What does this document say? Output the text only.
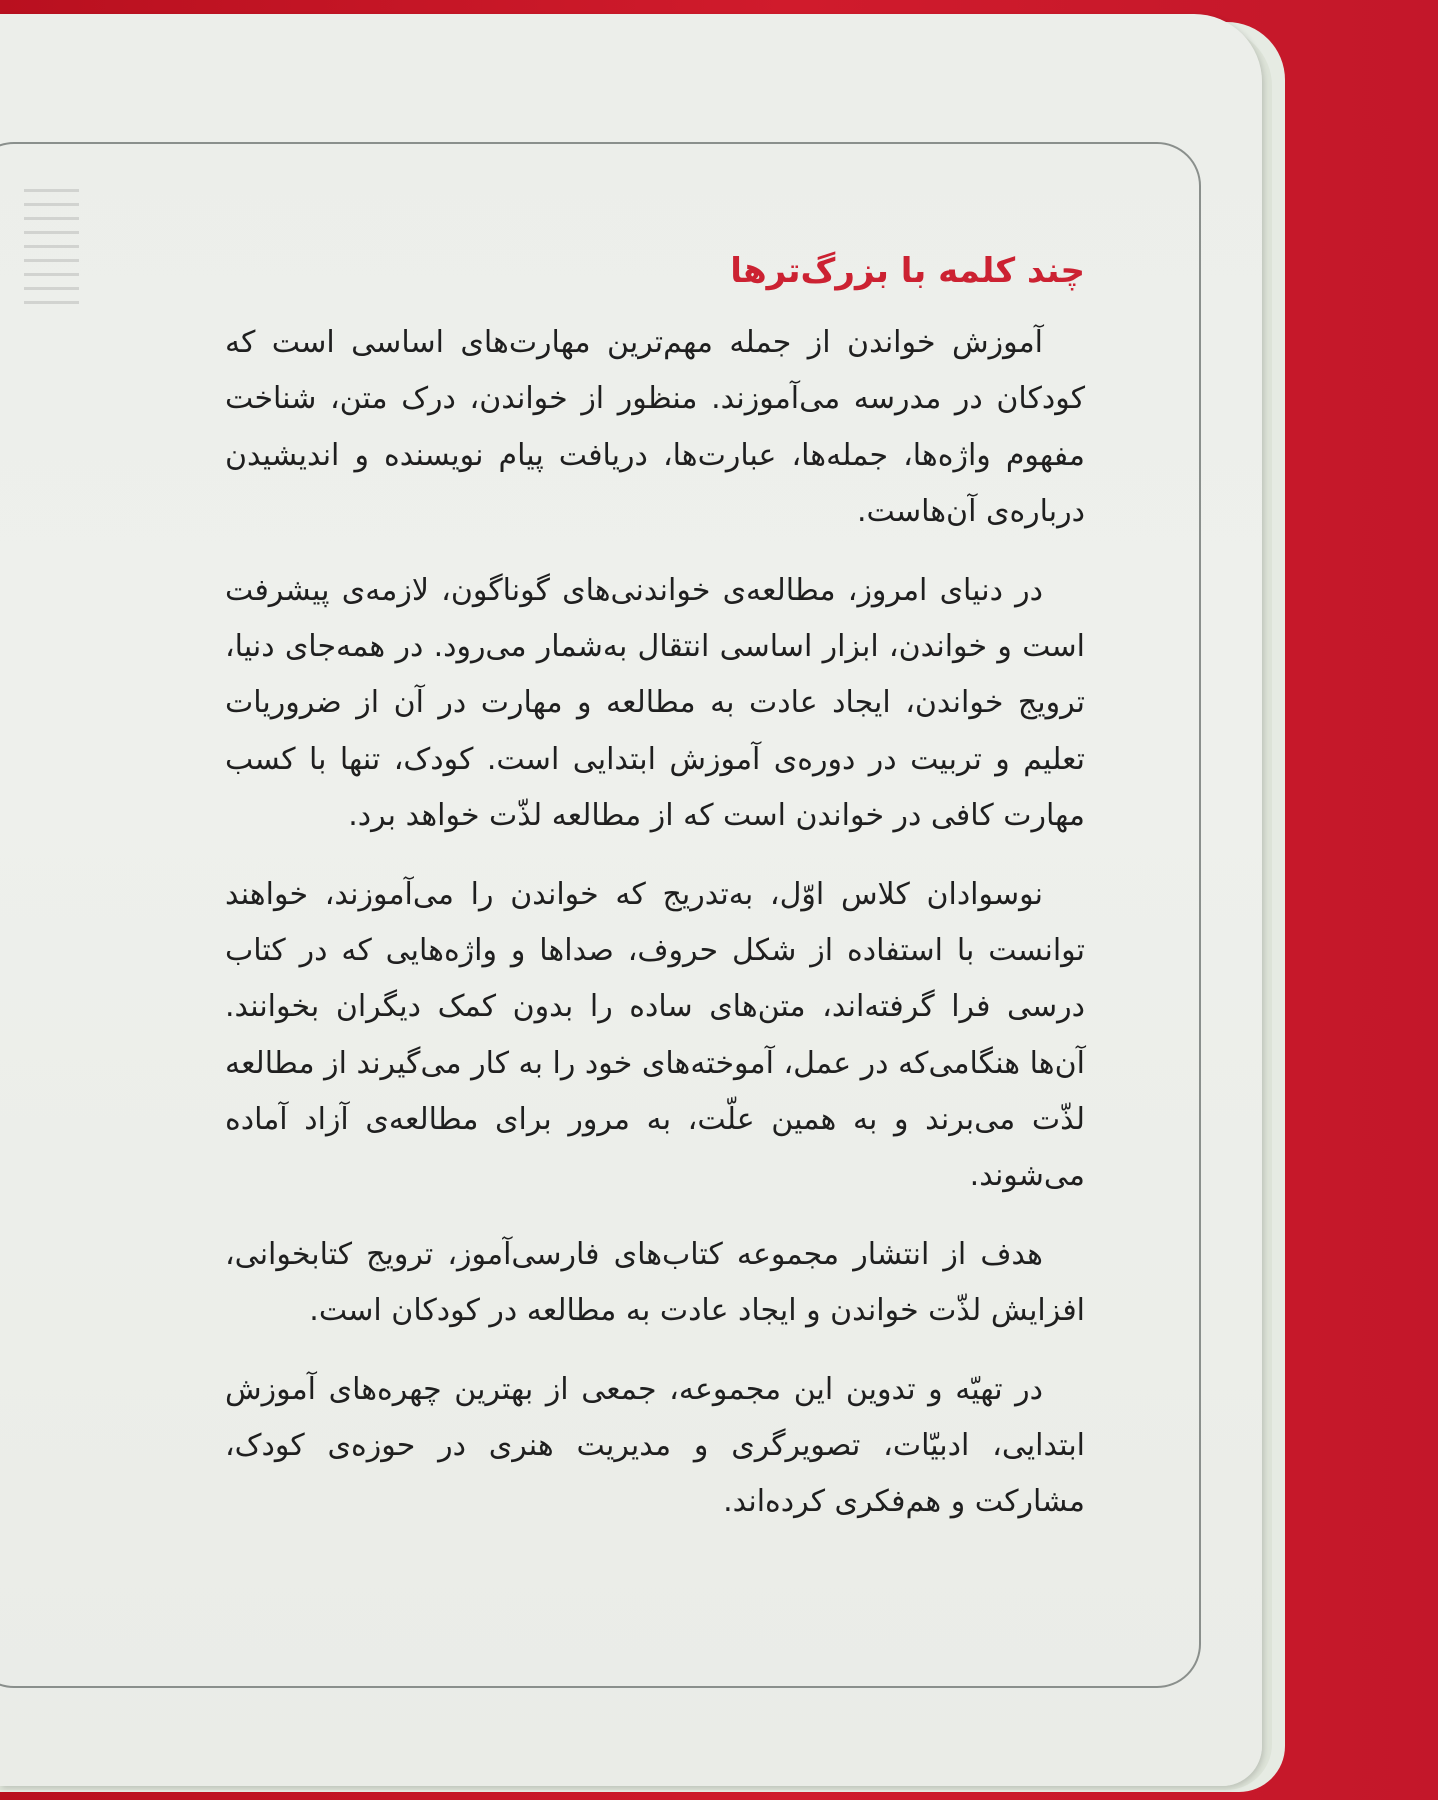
چند کلمه با بزرگ‌ترها

آموزش خواندن از جمله مهم‌ترین مهارت‌های اساسی است که کودکان در مدرسه می‌آموزند. منظور از خواندن، درک متن، شناخت مفهوم واژه‌ها، جمله‌ها، عبارت‌ها، دریافت پیام نویسنده و اندیشیدن درباره‌ی آن‌هاست.

در دنیای امروز، مطالعه‌ی خواندنی‌های گوناگون، لازمه‌ی پیشرفت است و خواندن، ابزار اساسی انتقال به‌شمار می‌رود. در همه‌جای دنیا، ترویج خواندن، ایجاد عادت به مطالعه و مهارت در آن از ضروریات تعلیم و تربیت در دوره‌ی آموزش ابتدایی است. کودک، تنها با کسب مهارت کافی در خواندن است که از مطالعه لذّت خواهد برد.

نوسوادان کلاس اوّل، به‌تدریج که خواندن را می‌آموزند، خواهند توانست با استفاده از شکل حروف، صداها و واژه‌هایی که در کتاب درسی فرا گرفته‌اند، متن‌های ساده را بدون کمک دیگران بخوانند. آن‌ها هنگامی‌که در عمل، آموخته‌های خود را به کار می‌گیرند از مطالعه لذّت می‌برند و به همین علّت، به مرور برای مطالعه‌ی آزاد آماده می‌شوند.

هدف از انتشار مجموعه کتاب‌های فارسی‌آموز، ترویج کتابخوانی، افزایش لذّت خواندن و ایجاد عادت به مطالعه در کودکان است.

در تهیّه و تدوین این مجموعه، جمعی از بهترین چهره‌های آموزش ابتدایی، ادبیّات، تصویرگری و مدیریت هنری در حوزه‌ی کودک، مشارکت و هم‌فکری کرده‌اند.
